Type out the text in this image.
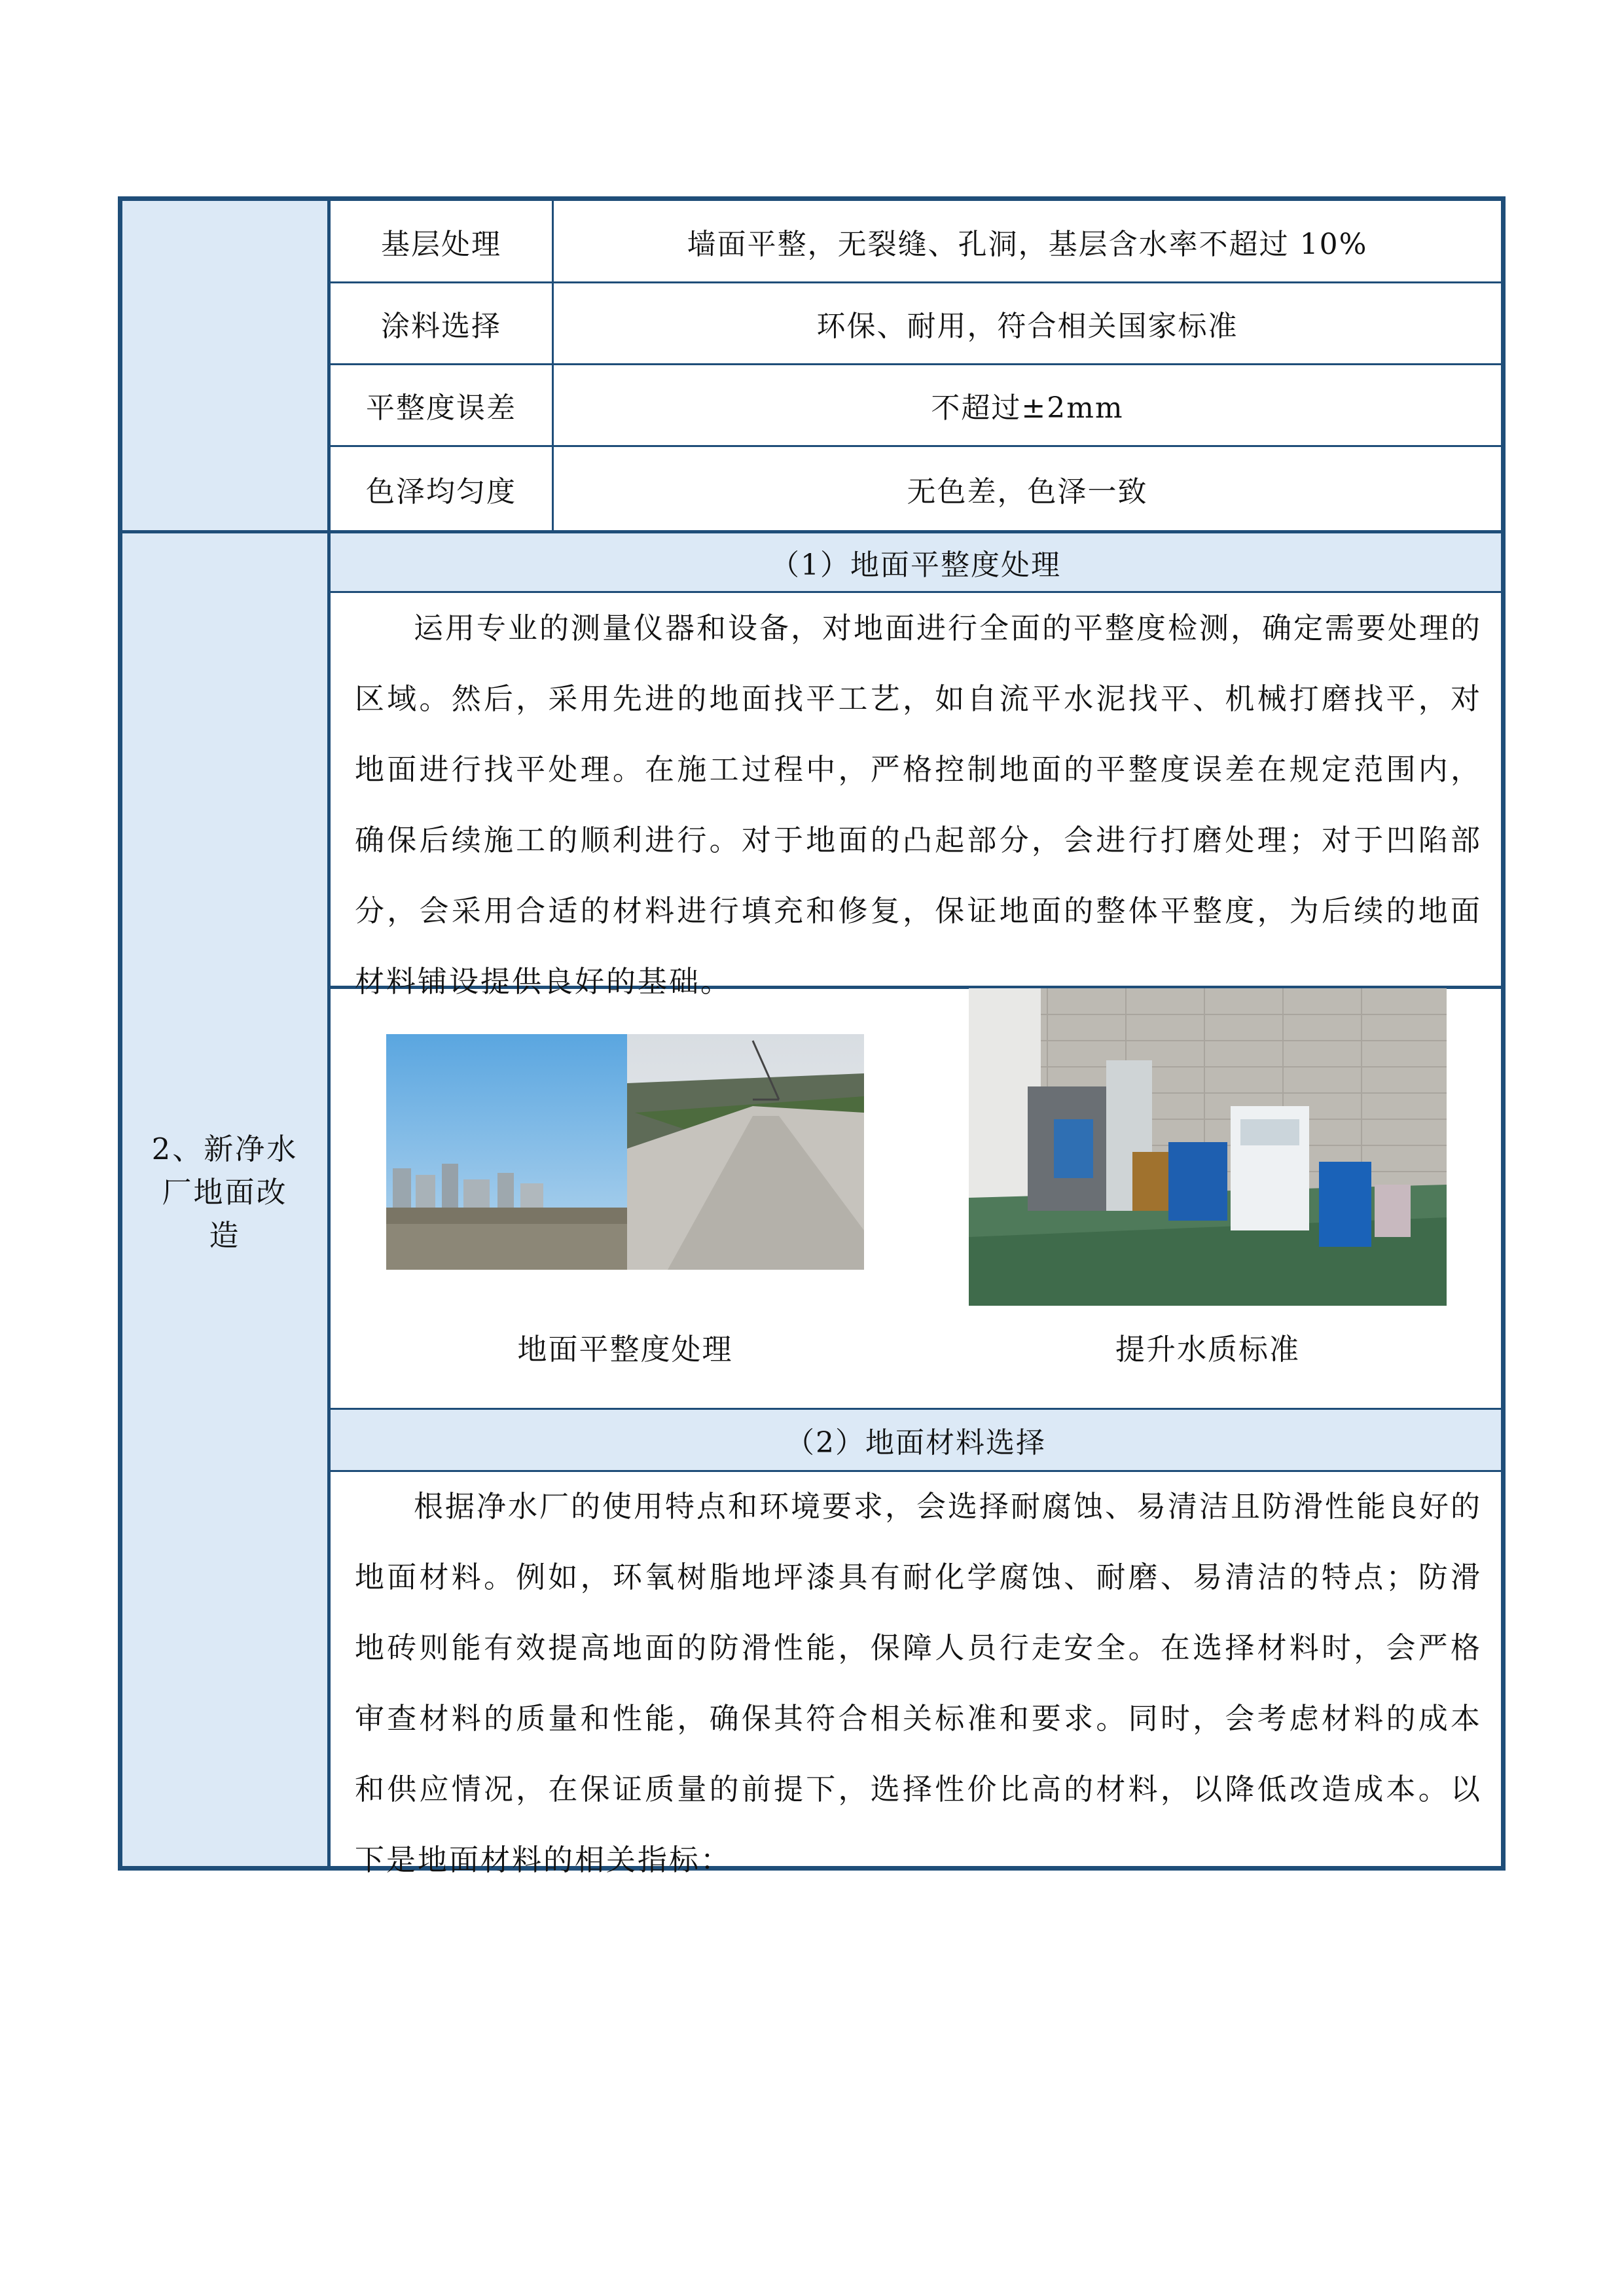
基层处理	墙面平整，无裂缝、孔洞，基层含水率不超过 10%
涂料选择	环保、耐用，符合相关国家标准
平整度误差	不超过±2mm
色泽均匀度	无色差，色泽一致
2、新净水
厂地面改
造
（1）地面平整度处理
运用专业的测量仪器和设备，对地面进行全面的平整度检测，确定需要处理的区域。然后，采用先进的地面找平工艺，如自流平水泥找平、机械打磨找平，对地面进行找平处理。在施工过程中，严格控制地面的平整度误差在规定范围内，确保后续施工的顺利进行。对于地面的凸起部分，会进行打磨处理；对于凹陷部分，会采用合适的材料进行填充和修复，保证地面的整体平整度，为后续的地面材料铺设提供良好的基础。
地面平整度处理	提升水质标准
（2）地面材料选择
根据净水厂的使用特点和环境要求，会选择耐腐蚀、易清洁且防滑性能良好的地面材料。例如，环氧树脂地坪漆具有耐化学腐蚀、耐磨、易清洁的特点；防滑地砖则能有效提高地面的防滑性能，保障人员行走安全。在选择材料时，会严格审查材料的质量和性能，确保其符合相关标准和要求。同时，会考虑材料的成本和供应情况，在保证质量的前提下，选择性价比高的材料，以降低改造成本。以下是地面材料的相关指标：
